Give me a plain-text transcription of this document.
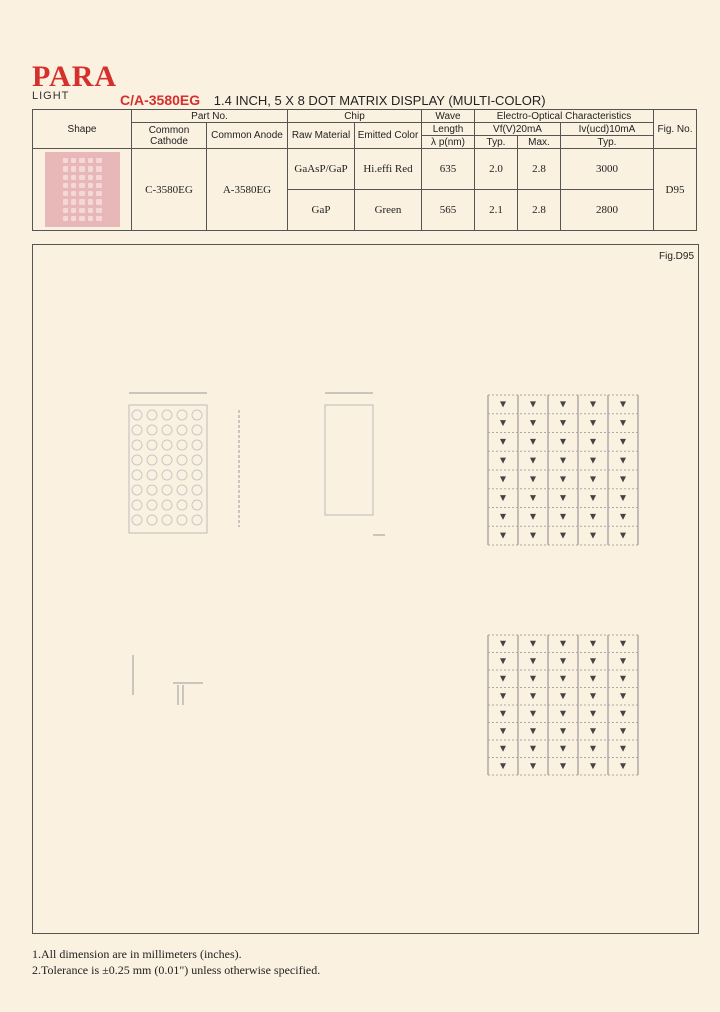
PARA
LIGHT	C/A-3580EG 1.4 INCH, 5 X 8 DOT MATRIX DISPLAY (MULTI-COLOR)
Shape	Part No.		Chip		Wave	Electro-Optical Characteristics			Fig. No.
	Common Cathode	Common Anode	Raw Material	Emitted Color	Length	Vf(V)20mA		Iv(ucd)10mA	
					λ p(nm)	Typ.	Max.	Typ.	

	C-3580EG	A-3580EG	GaAsP/GaP	Hi.effi Red	635	2.0	2.8	3000	D95
			GaP	Green	565	2.1	2.8	2800	
Fig.D95
1.All dimension are in millimeters (inches).
2.Tolerance is ±0.25 mm (0.01") unless otherwise specified.
